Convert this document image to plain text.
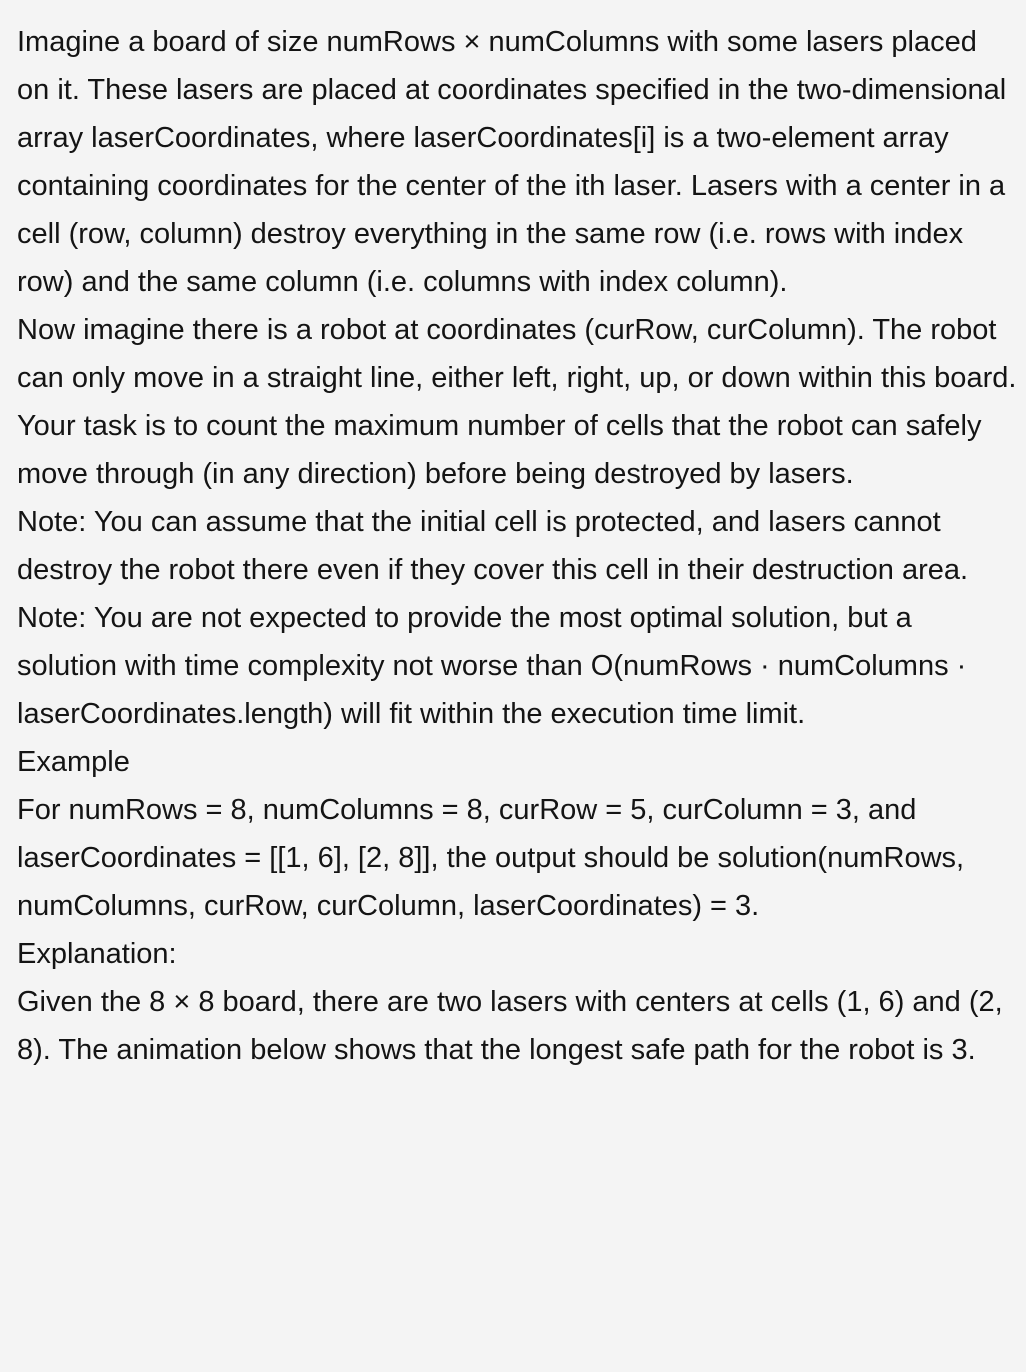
Imagine a board of size numRows × numColumns with some lasers placed on it. These lasers are placed at coordinates specified in the two-dimensional array laserCoordinates, where laserCoordinates[i] is a two-element array containing coordinates for the center of the ith laser. Lasers with a center in a cell (row, column) destroy everything in the same row (i.e. rows with index row) and the same column (i.e. columns with index column).

Now imagine there is a robot at coordinates (curRow, curColumn). The robot can only move in a straight line, either left, right, up, or down within this board. Your task is to count the maximum number of cells that the robot can safely move through (in any direction) before being destroyed by lasers.

Note: You can assume that the initial cell is protected, and lasers cannot destroy the robot there even if they cover this cell in their destruction area.

Note: You are not expected to provide the most optimal solution, but a solution with time complexity not worse than O(numRows · numColumns · laserCoordinates.length) will fit within the execution time limit.

Example

For numRows = 8, numColumns = 8, curRow = 5, curColumn = 3, and laserCoordinates = [[1, 6], [2, 8]], the output should be solution(numRows, numColumns, curRow, curColumn, laserCoordinates) = 3.

Explanation:

Given the 8 × 8 board, there are two lasers with centers at cells (1, 6) and (2, 8). The animation below shows that the longest safe path for the robot is 3.
